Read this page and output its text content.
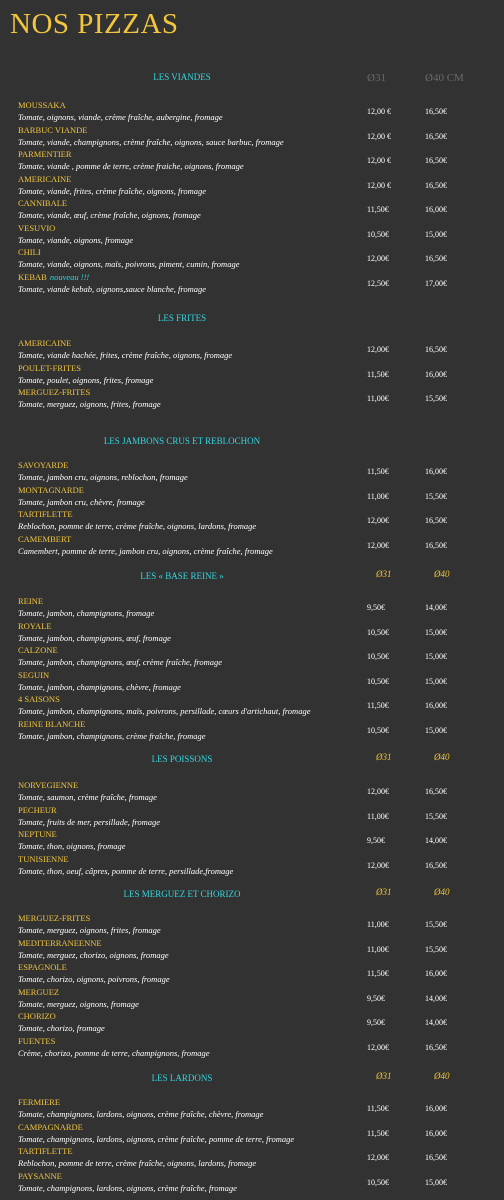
NOS PIZZAS
LES VIANDES	Ø31	Ø40 CM
MOUSSAKA
Tomate, oignons, viande, crème fraîche, aubergine, fromage
12,00 €	16,50€
BARBUC VIANDE
Tomate, viande, champignons, crème fraîche, oignons, sauce barbuc, fromage
12,00 €	16,50€
PARMENTIER
Tomate, viande , pomme de terre, crème fraiche, oignons, fromage
12,00 €	16,50€
AMERICAINE
Tomate, viande, frites, crème fraîche, oignons, fromage
12,00 €	16,50€
CANNIBALE
Tomate, viande, œuf, crème fraîche, oignons, fromage
11,50€	16,00€
VESUVIO
Tomate, viande, oignons, fromage
10,50€	15,00€
CHILI
Tomate, viande, oignons, maïs, poivrons, piment, cumin, fromage
12,00€	16,50€
KEBAB nouveau !!!
Tomate, viande kebab, oignons,sauce blanche, fromage
12,50€	17,00€
LES FRITES
AMERICAINE
Tomate, viande hachée, frites, crème fraîche, oignons, fromage
12,00€	16,50€
POULET-FRITES
Tomate, poulet, oignons, frites, fromage
11,50€	16,00€
MERGUEZ-FRITES
Tomate, merguez, oignons, frites, fromage
11,00€	15,50€
LES JAMBONS CRUS ET REBLOCHON
SAVOYARDE
Tomate, jambon cru, oignons, reblochon, fromage
11,50€	16,00€
MONTAGNARDE
Tomate, jambon cru, chèvre, fromage
11,00€	15,50€
TARTIFLETTE
Reblochon, pomme de terre, crème fraîche, oignons, lardons, fromage
12,00€	16,50€
CAMEMBERT
Camembert, pomme de terre, jambon cru, oignons, crème fraîche, fromage
12,00€	16,50€
LES « BASE REINE »	Ø31	Ø40
REINE
Tomate, jambon, champignons, fromage
9,50€	14,00€
ROYALE
Tomate, jambon, champignons, œuf, fromage
10,50€	15,00€
CALZONE
Tomate, jambon, champignons, œuf, crème fraîche, fromage
10,50€	15,00€
SEGUIN
Tomate, jambon, champignons, chèvre, fromage
10,50€	15,00€
4 SAISONS
Tomate, jambon, champignons, maïs, poivrons, persillade, cœurs d'artichaut, fromage
11,50€	16,00€
REINE BLANCHE
Tomate, jambon, champignons, crème fraîche, fromage
10,50€	15,00€
LES POISSONS	Ø31	Ø40
NORVEGIENNE
Tomate, saumon, crème fraîche, fromage
12,00€	16,50€
PECHEUR
Tomate, fruits de mer, persillade, fromage
11,00€	15,50€
NEPTUNE
Tomate, thon, oignons, fromage
9,50€	14,00€
TUNISIENNE
Tomate, thon, oeuf, câpres, pomme de terre, persillade,fromage
12,00€	16,50€
LES MERGUEZ ET CHORIZO	Ø31	Ø40
MERGUEZ-FRITES
Tomate, merguez, oignons, frites, fromage
11,00€	15,50€
MEDITERRANEENNE
Tomate, merguez, chorizo, oignons, fromage
11,00€	15,50€
ESPAGNOLE
Tomate, chorizo, oignons, poivrons, fromage
11,50€	16,00€
MERGUEZ
Tomate, merguez, oignons, fromage
9,50€	14,00€
CHORIZO
Tomate, chorizo, fromage
9,50€	14,00€
FUENTES
Crème, chorizo, pomme de terre, champignons, fromage
12,00€	16,50€
LES LARDONS	Ø31	Ø40
FERMIERE
Tomate, champignons, lardons, oignons, crème fraîche, chèvre, fromage
11,50€	16,00€
CAMPAGNARDE
Tomate, champignons, lardons, oignons, crème fraîche, pomme de terre, fromage
11,50€	16,00€
TARTIFLETTE
Reblochon, pomme de terre, crème fraîche, oignons, lardons, fromage
12,00€	16,50€
PAYSANNE
Tomate, champignons, lardons, oignons, crème fraîche, fromage
10,50€	15,00€
